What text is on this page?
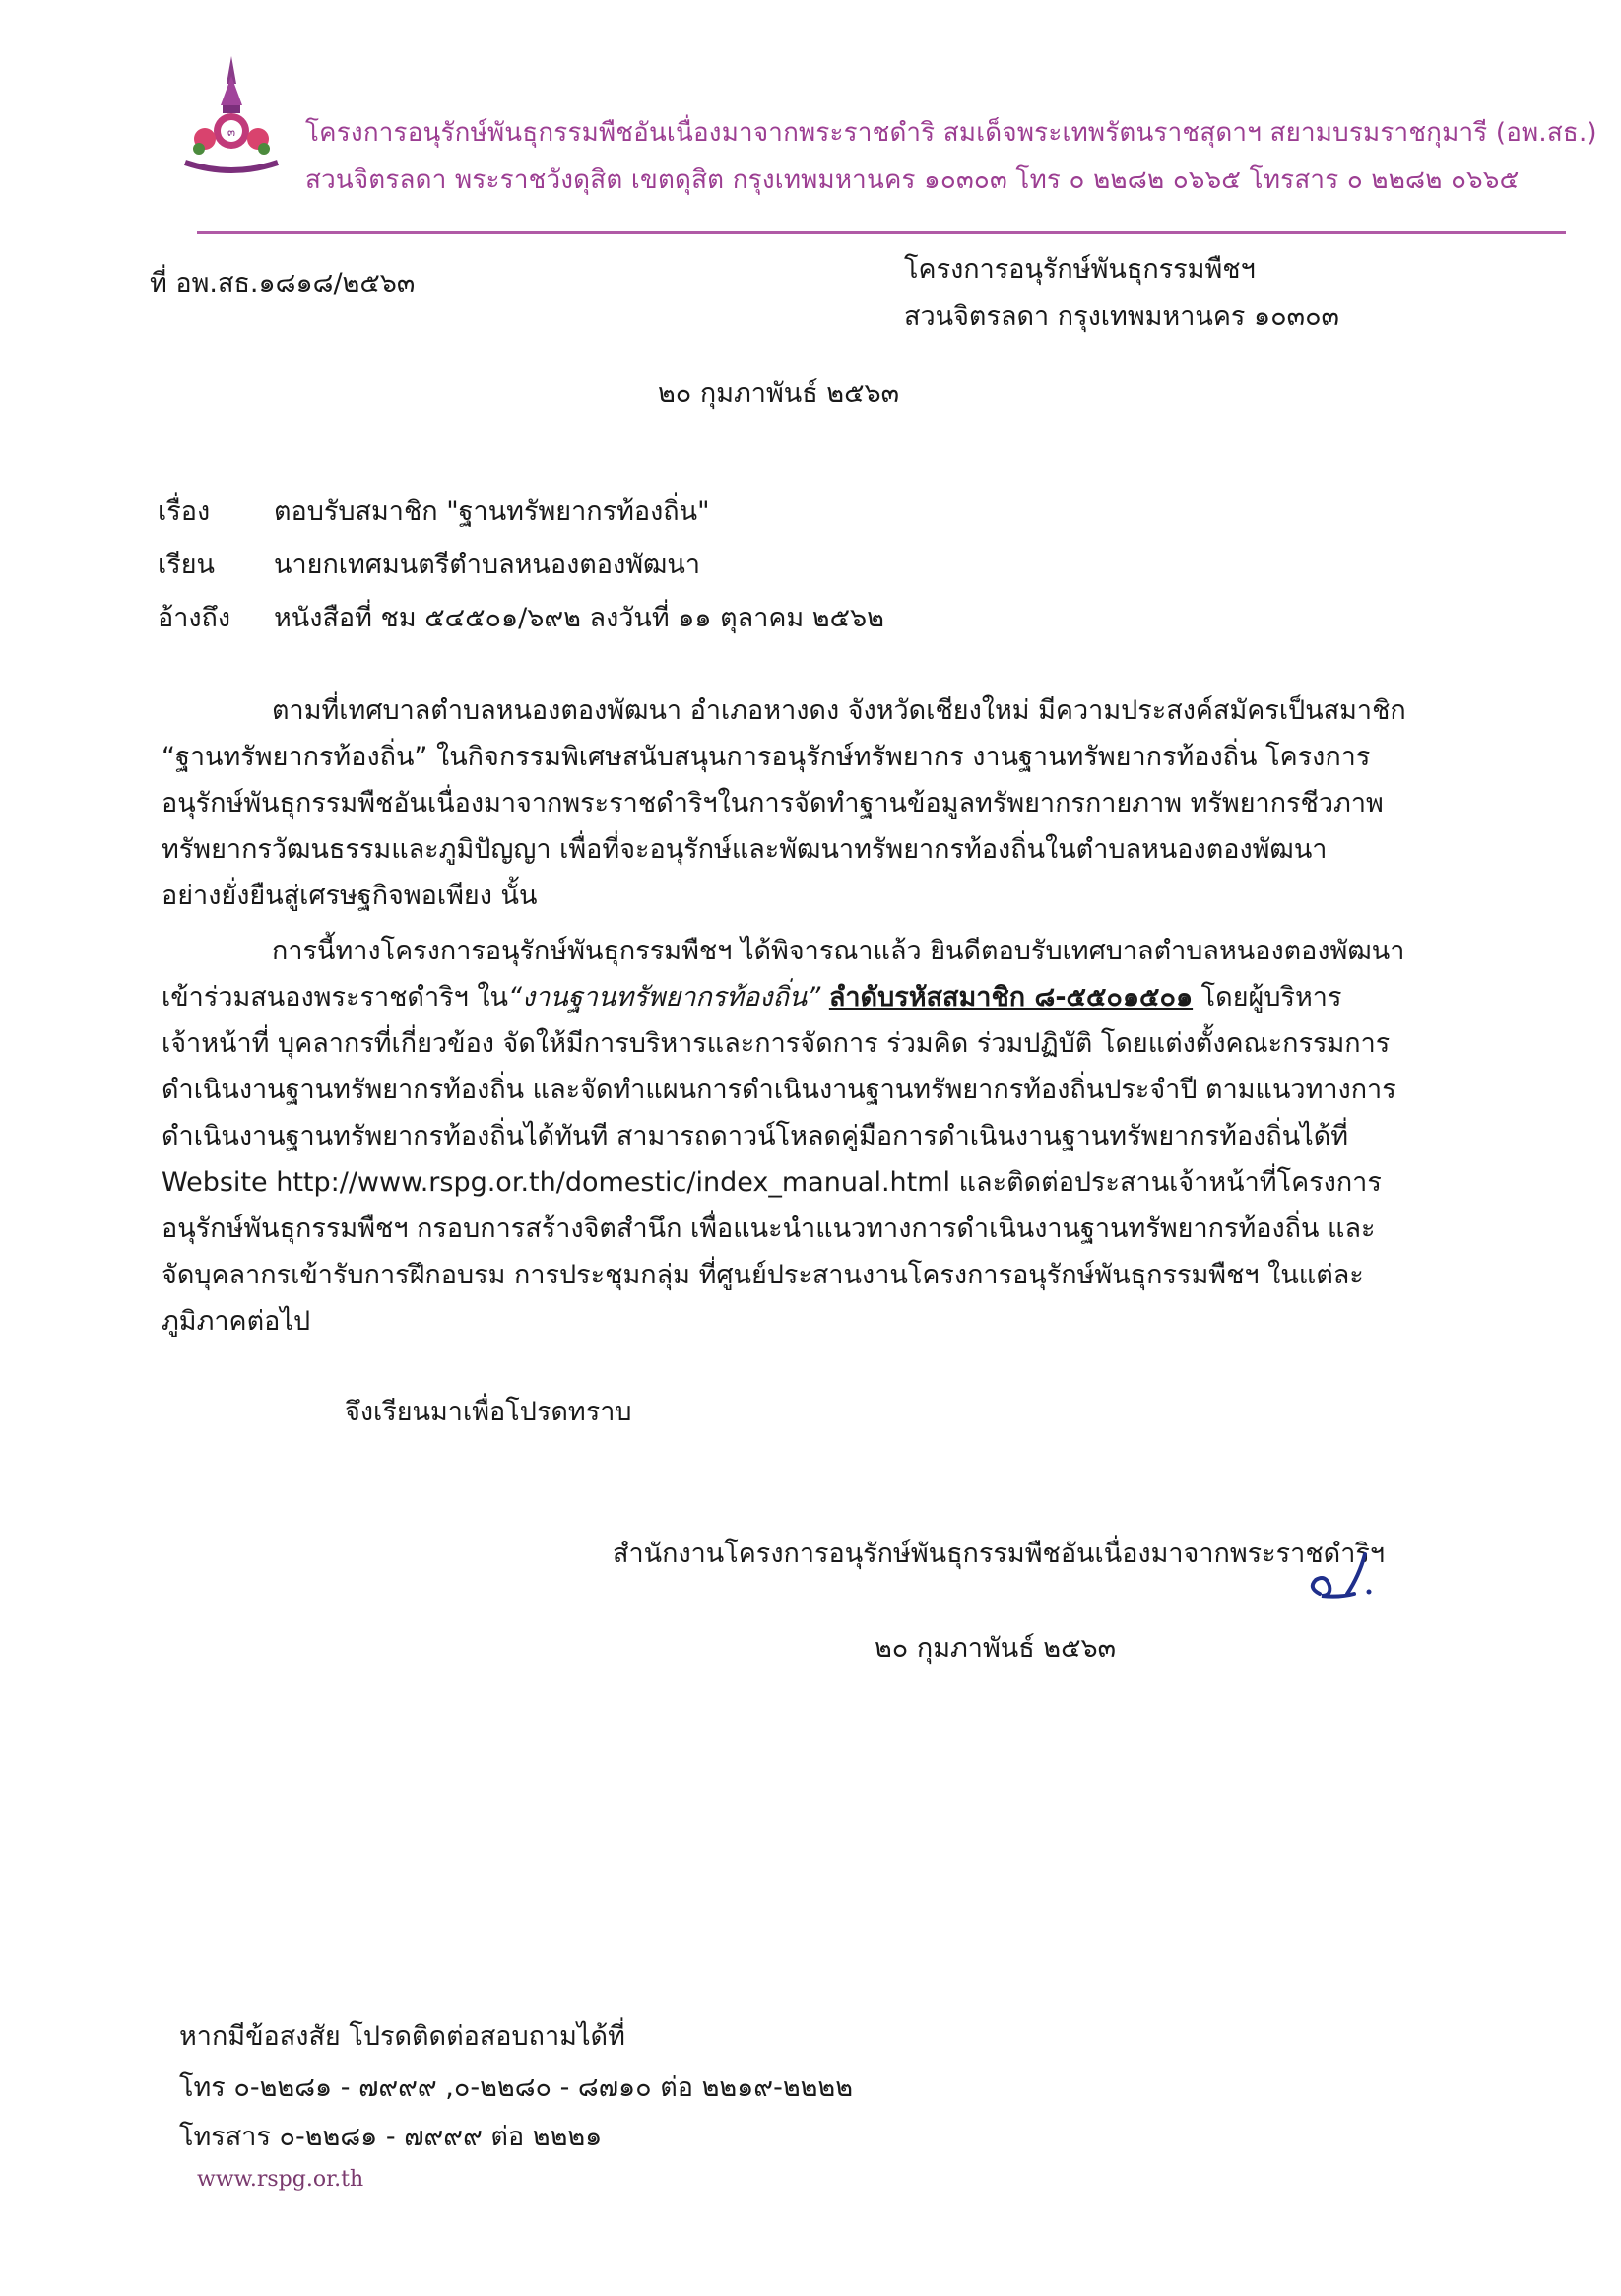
๓	โครงการอนุรักษ์พันธุกรรมพืชอันเนื่องมาจากพระราชดำริ สมเด็จพระเทพรัตนราชสุดาฯ สยามบรมราชกุมารี (อพ.สธ.)
สวนจิตรลดา พระราชวังดุสิต เขตดุสิต กรุงเทพมหานคร ๑๐๓๐๓ โทร ๐ ๒๒๘๒ ๐๖๖๕ โทรสาร ๐ ๒๒๘๒ ๐๖๖๕
ที่ อพ.สธ.๑๘๑๘/๒๕๖๓	โครงการอนุรักษ์พันธุกรรมพืชฯ
สวนจิตรลดา กรุงเทพมหานคร ๑๐๓๐๓
๒๐ กุมภาพันธ์ ๒๕๖๓
เรื่อง ตอบรับสมาชิก "ฐานทรัพยากรท้องถิ่น"
เรียน นายกเทศมนตรีตำบลหนองตองพัฒนา
อ้างถึง หนังสือที่ ชม ๕๔๕๐๑/๖๙๒ ลงวันที่ ๑๑ ตุลาคม ๒๕๖๒
ตามที่เทศบาลตำบลหนองตองพัฒนา อำเภอหางดง จังหวัดเชียงใหม่ มีความประสงค์สมัครเป็นสมาชิก
“ฐานทรัพยากรท้องถิ่น” ในกิจกรรมพิเศษสนับสนุนการอนุรักษ์ทรัพยากร งานฐานทรัพยากรท้องถิ่น โครงการ
อนุรักษ์พันธุกรรมพืชอันเนื่องมาจากพระราชดำริฯในการจัดทำฐานข้อมูลทรัพยากรกายภาพ ทรัพยากรชีวภาพ
ทรัพยากรวัฒนธรรมและภูมิปัญญา เพื่อที่จะอนุรักษ์และพัฒนาทรัพยากรท้องถิ่นในตำบลหนองตองพัฒนา
อย่างยั่งยืนสู่เศรษฐกิจพอเพียง นั้น
การนี้ทางโครงการอนุรักษ์พันธุกรรมพืชฯ ได้พิจารณาแล้ว ยินดีตอบรับเทศบาลตำบลหนองตองพัฒนา
เข้าร่วมสนองพระราชดำริฯ ใน“งานฐานทรัพยากรท้องถิ่น” ลำดับรหัสสมาชิก ๘-๕๕๐๑๕๐๑ โดยผู้บริหาร
เจ้าหน้าที่ บุคลากรที่เกี่ยวข้อง จัดให้มีการบริหารและการจัดการ ร่วมคิด ร่วมปฏิบัติ โดยแต่งตั้งคณะกรรมการ
ดำเนินงานฐานทรัพยากรท้องถิ่น และจัดทำแผนการดำเนินงานฐานทรัพยากรท้องถิ่นประจำปี ตามแนวทางการ
ดำเนินงานฐานทรัพยากรท้องถิ่นได้ทันที สามารถดาวน์โหลดคู่มือการดำเนินงานฐานทรัพยากรท้องถิ่นได้ที่
Website http://www.rspg.or.th/domestic/index_manual.html และติดต่อประสานเจ้าหน้าที่โครงการ
อนุรักษ์พันธุกรรมพืชฯ กรอบการสร้างจิตสำนึก เพื่อแนะนำแนวทางการดำเนินงานฐานทรัพยากรท้องถิ่น และ
จัดบุคลากรเข้ารับการฝึกอบรม การประชุมกลุ่ม ที่ศูนย์ประสานงานโครงการอนุรักษ์พันธุกรรมพืชฯ ในแต่ละ
ภูมิภาคต่อไป
จึงเรียนมาเพื่อโปรดทราบ
สำนักงานโครงการอนุรักษ์พันธุกรรมพืชอันเนื่องมาจากพระราชดำริฯ
๒๐ กุมภาพันธ์ ๒๕๖๓
หากมีข้อสงสัย โปรดติดต่อสอบถามได้ที่
โทร ๐-๒๒๘๑ - ๗๙๙๙ ,๐-๒๒๘๐ - ๘๗๑๐ ต่อ ๒๒๑๙-๒๒๒๒
โทรสาร ๐-๒๒๘๑ - ๗๙๙๙ ต่อ ๒๒๒๑
www.rspg.or.th
